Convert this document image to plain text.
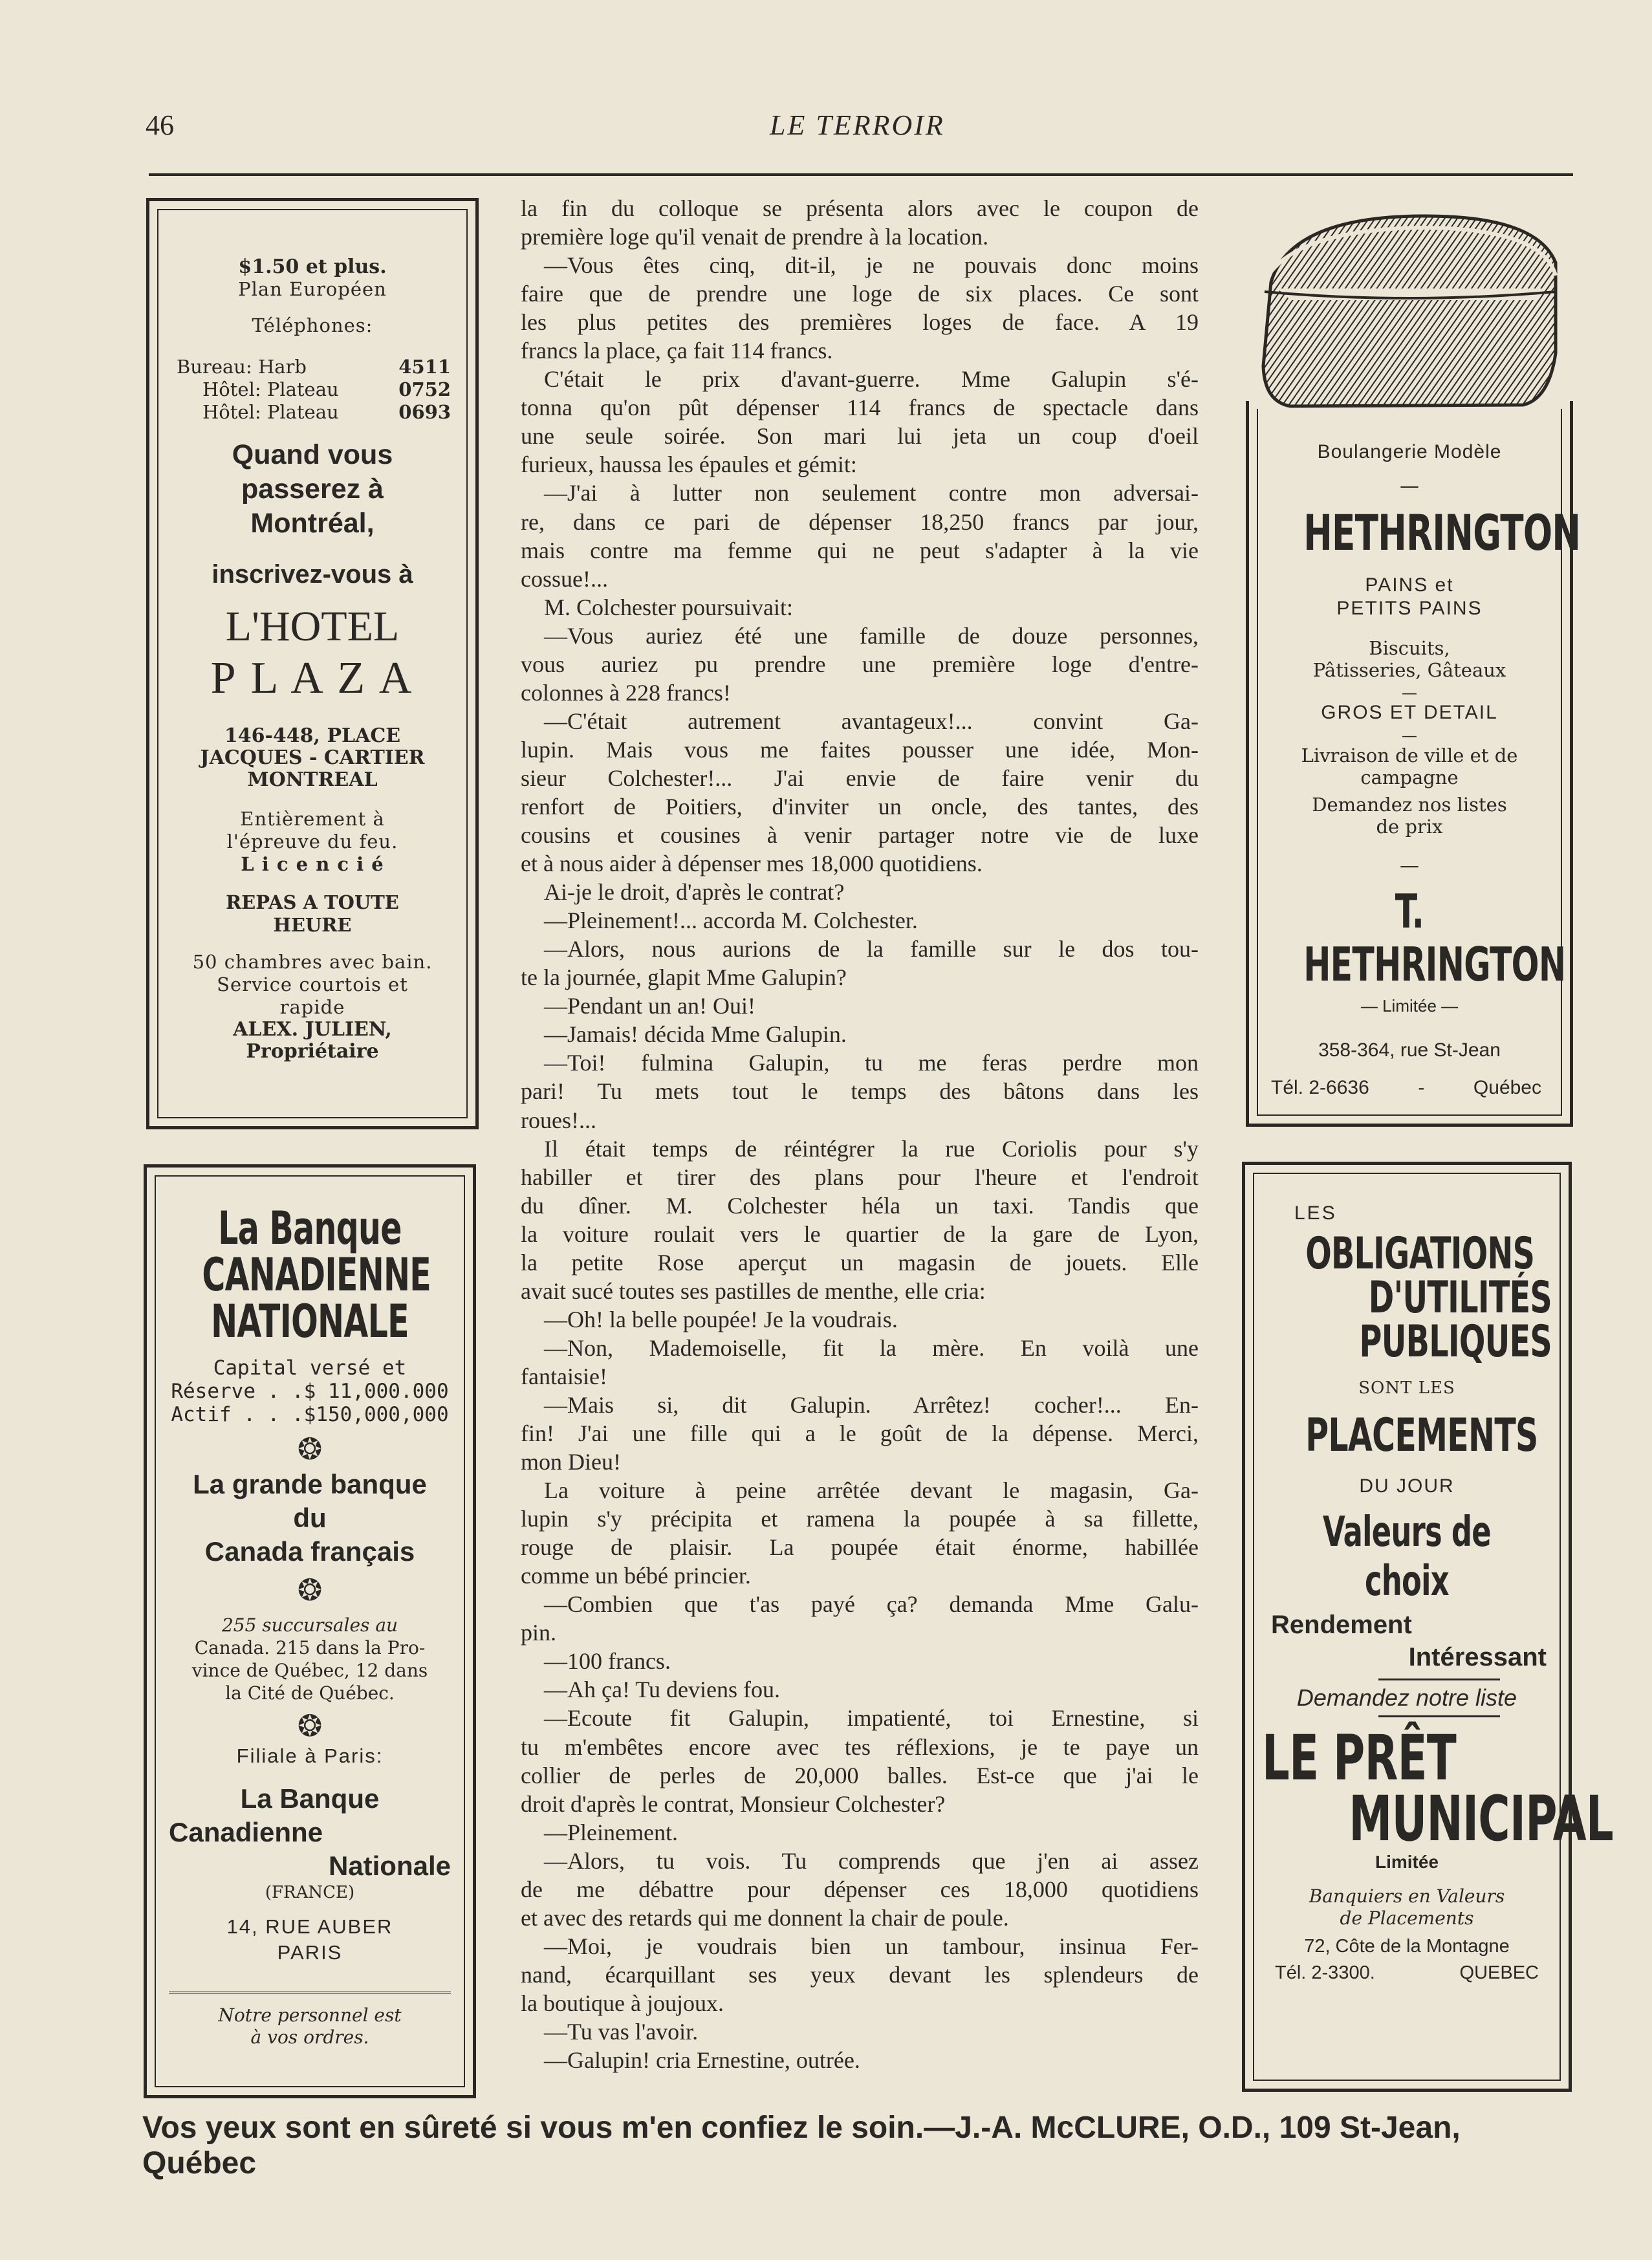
46	LE TERROIR
$1.50 et plus.
Plan Européen
Téléphones:
Bureau: Harb	4511
Hôtel: Plateau	0752
Hôtel: Plateau	0693
Quand vous
passerez à
Montréal,
inscrivez-vous à
L'HOTEL
P L A Z A
146-448, PLACE
JACQUES - CARTIER
MONTREAL
Entièrement à
l'épreuve du feu.
L i c e n c i é
REPAS A TOUTE
HEURE
50 chambres avec bain.
Service courtois et
rapide
ALEX. JULIEN,
Propriétaire
La Banque
CANADIENNE
NATIONALE
Capital versé et
Réserve . .$ 11,000.000
Actif . . .$150,000,000
❂
La grande banque
du
Canada français
❂
255 succursales au
Canada. 215 dans la Pro-
vince de Québec, 12 dans
la Cité de Québec.
❂
Filiale à Paris:
La Banque
Canadienne
Nationale
(FRANCE)
14, RUE AUBER
PARIS
Notre personnel est
à vos ordres.

la fin du colloque se présenta alors avec le coupon de

première loge qu'il venait de prendre à la location.

—Vous êtes cinq, dit-il, je ne pouvais donc moins

faire que de prendre une loge de six places. Ce sont

les plus petites des premières loges de face. A 19

francs la place, ça fait 114 francs.

C'était le prix d'avant-guerre. Mme Galupin s'é-

tonna qu'on pût dépenser 114 francs de spectacle dans

une seule soirée. Son mari lui jeta un coup d'oeil

furieux, haussa les épaules et gémit:

—J'ai à lutter non seulement contre mon adversai-

re, dans ce pari de dépenser 18,250 francs par jour,

mais contre ma femme qui ne peut s'adapter à la vie

cossue!...

M. Colchester poursuivait:

—Vous auriez été une famille de douze personnes,

vous auriez pu prendre une première loge d'entre-

colonnes à 228 francs!

—C'était autrement avantageux!... convint Ga-

lupin. Mais vous me faites pousser une idée, Mon-

sieur Colchester!... J'ai envie de faire venir du

renfort de Poitiers, d'inviter un oncle, des tantes, des

cousins et cousines à venir partager notre vie de luxe

et à nous aider à dépenser mes 18,000 quotidiens.

Ai-je le droit, d'après le contrat?

—Pleinement!... accorda M. Colchester.

—Alors, nous aurions de la famille sur le dos tou-

te la journée, glapit Mme Galupin?

—Pendant un an! Oui!

—Jamais! décida Mme Galupin.

—Toi! fulmina Galupin, tu me feras perdre mon

pari! Tu mets tout le temps des bâtons dans les

roues!...

Il était temps de réintégrer la rue Coriolis pour s'y

habiller et tirer des plans pour l'heure et l'endroit

du dîner. M. Colchester héla un taxi. Tandis que

la voiture roulait vers le quartier de la gare de Lyon,

la petite Rose aperçut un magasin de jouets. Elle

avait sucé toutes ses pastilles de menthe, elle cria:

—Oh! la belle poupée! Je la voudrais.

—Non, Mademoiselle, fit la mère. En voilà une

fantaisie!

—Mais si, dit Galupin. Arrêtez! cocher!... En-

fin! J'ai une fille qui a le goût de la dépense. Merci,

mon Dieu!

La voiture à peine arrêtée devant le magasin, Ga-

lupin s'y précipita et ramena la poupée à sa fillette,

rouge de plaisir. La poupée était énorme, habillée

comme un bébé princier.

—Combien que t'as payé ça? demanda Mme Galu-

pin.

—100 francs.

—Ah ça! Tu deviens fou.

—Ecoute fit Galupin, impatienté, toi Ernestine, si

tu m'embêtes encore avec tes réflexions, je te paye un

collier de perles de 20,000 balles. Est-ce que j'ai le

droit d'après le contrat, Monsieur Colchester?

—Pleinement.

—Alors, tu vois. Tu comprends que j'en ai assez

de me débattre pour dépenser ces 18,000 quotidiens

et avec des retards qui me donnent la chair de poule.

—Moi, je voudrais bien un tambour, insinua Fer-

nand, écarquillant ses yeux devant les splendeurs de

la boutique à joujoux.

—Tu vas l'avoir.

—Galupin! cria Ernestine, outrée.

Boulangerie Modèle
—
HETHRINGTON
PAINS et
PETITS PAINS
Biscuits,
Pâtisseries, Gâteaux
—
GROS ET DETAIL
—
Livraison de ville et de
campagne
Demandez nos listes
de prix
—
T. HETHRINGTON
— Limitée —
358-364, rue St-Jean
Tél. 2-6636	-	Québec
LES
OBLIGATIONS
D'UTILITÉS
PUBLIQUES
SONT LES
PLACEMENTS
DU JOUR
Valeurs de choix
Rendement
Intéressant
Demandez notre liste
LE PRÊT
MUNICIPAL
Limitée
Banquiers en Valeurs
de Placements
72, Côte de la Montagne
Tél. 2-3300.	QUEBEC
Vos yeux sont en sûreté si vous m'en confiez le soin.—J.-A. McCLURE, O.D., 109 St-Jean, Québec
